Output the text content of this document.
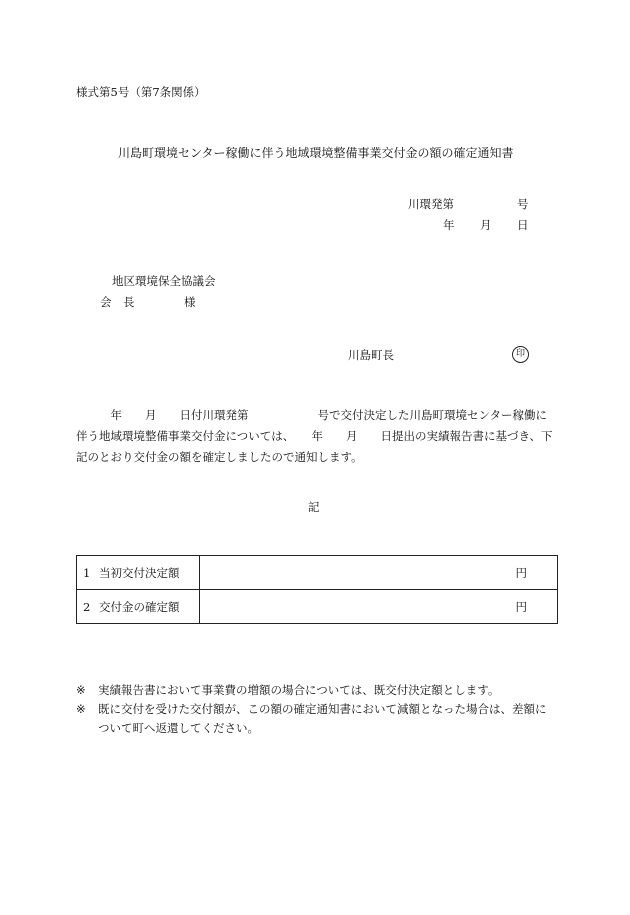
様式第5号（第7条関係）
川島町環境センター稼働に伴う地域環境整備事業交付金の額の確定通知書
川環発第	号
年 月 日
地区環境保全協議会
会　長	様
川島町長	印
　　　年　　月　　日付川環発第　　　　　　号で交付決定した川島町環境センター稼働に伴う地域環境整備事業交付金については、　　年　　月　　日提出の実績報告書に基づき、下記のとおり交付金の額を確定しましたので通知します。
記
1 当初交付決定額	円
2 交付金の確定額	円
※	実績報告書において事業費の増額の場合については、既交付決定額とします。
※	既に交付を受けた交付額が、この額の確定通知書において減額となった場合は、差額について町へ返還してください。
